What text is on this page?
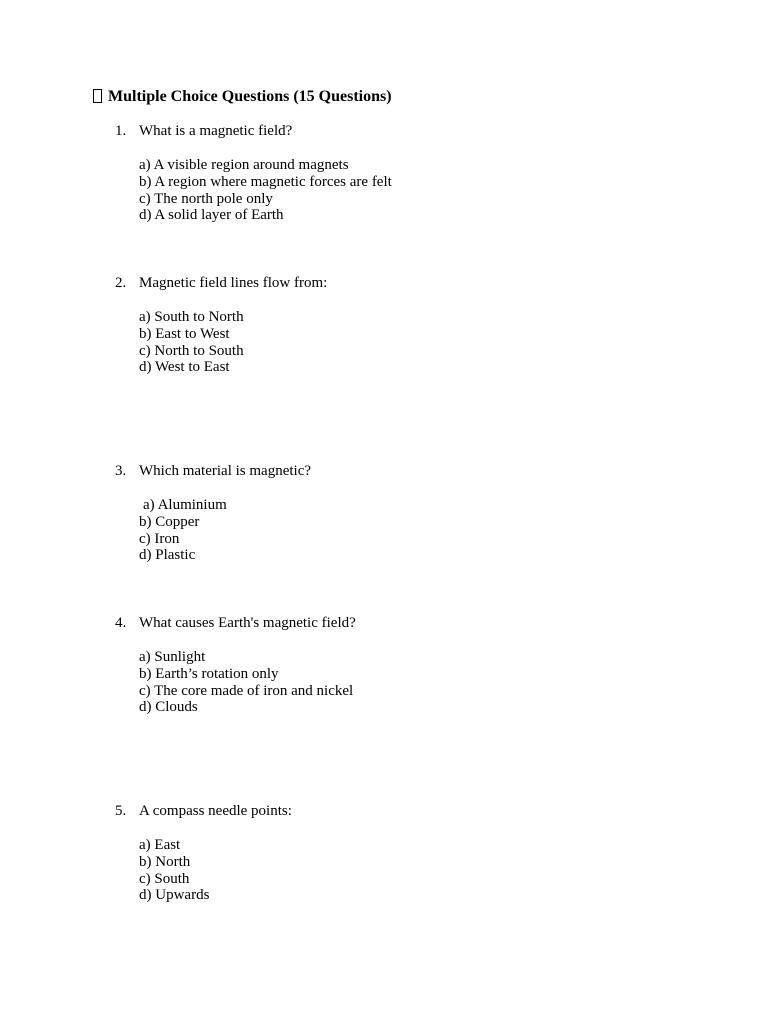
Multiple Choice Questions (15 Questions)
1. What is a magnetic field?
a) A visible region around magnets
b) A region where magnetic forces are felt
c) The north pole only
d) A solid layer of Earth
2. Magnetic field lines flow from:
a) South to North
b) East to West
c) North to South
d) West to East
3. Which material is magnetic?
a) Aluminium
b) Copper
c) Iron
d) Plastic
4. What causes Earth's magnetic field?
a) Sunlight
b) Earth’s rotation only
c) The core made of iron and nickel
d) Clouds
5. A compass needle points:
a) East
b) North
c) South
d) Upwards
